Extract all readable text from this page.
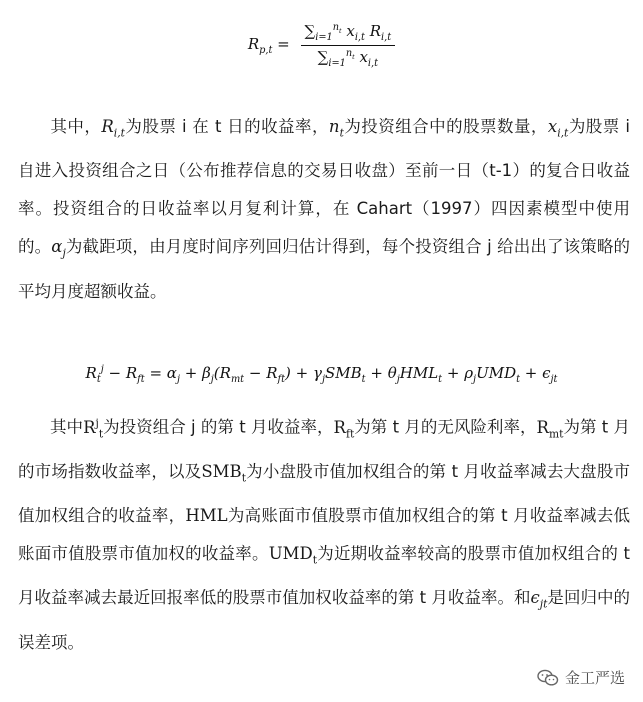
$R_{p,t} = \frac{\sum_{i=1}^{n_t} x_{i,t} R_{i,t}}{\sum_{i=1}^{n_t} x_{i,t}}$
其中，$R_{i,t}$为股票 i 在 t 日的收益率，$n_t$为投资组合中的股票数量，$x_{i,t}$为股票 i 自进入投资组合之日（公布推荐信息的交易日收盘）至前一日（t-1）的复合日收益率。投资组合的日收益率以月复利计算，在 Cahart（1997）四因素模型中使用的。$\alpha_j$为截距项，由月度时间序列回归估计得到，每个投资组合 j 给出出了该策略的平均月度超额收益。
$R_t^j - R_{ft} = \alpha_j + \beta_j(R_{mt} - R_{ft}) + \gamma_jSMB_t + \theta_jHML_t + \rho_jUMD_t + \epsilon_{jt}$
其中$R^j_t$为投资组合 j 的第 t 月收益率，$R_{ft}$为第 t 月的无风险利率，$R_{mt}$为第 t 月的市场指数收益率，以及$SMB_t$为小盘股市值加权组合的第 t 月收益率减去大盘股市值加权组合的收益率，HML为高账面市值股票市值加权组合的第 t 月收益率减去低账面市值股票市值加权的收益率。$UMD_t$为近期收益率较高的股票市值加权组合的 t 月收益率减去最近回报率低的股票市值加权收益率的第 t 月收益率。和$\epsilon_{jt}$是回归中的误差项。
金工严选
